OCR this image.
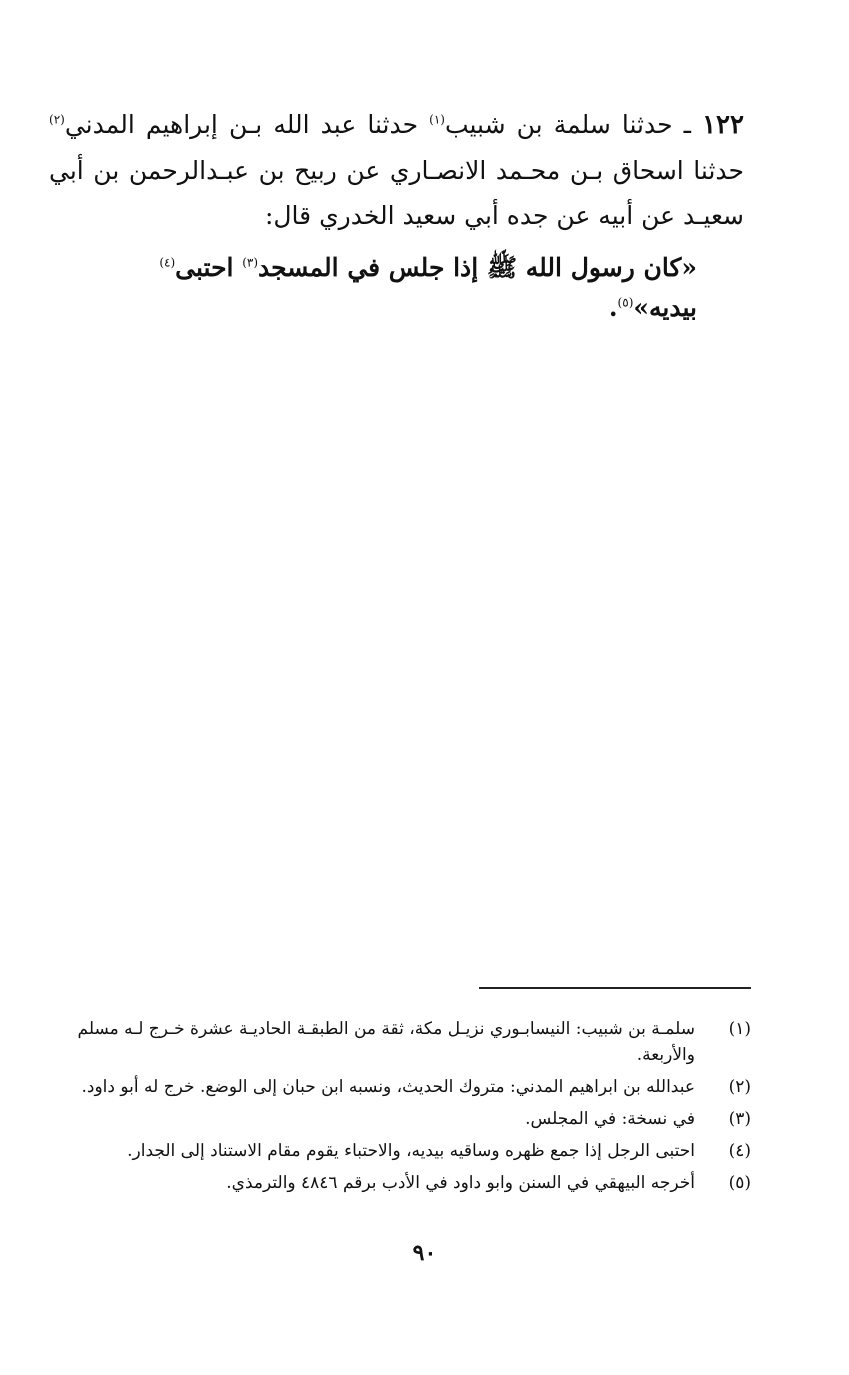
١٢٢ ـ حدثنا سلمة بن شبيب$^{(١)}$ حدثنا عبد الله بـن إبراهيم المدني$^{(٢)}$ حدثنا اسحاق بـن محـمد الانصـاري عن ربيح بن عبـدالرحمن بن أبي سعيـد عن أبيه عن جده أبي سعيد الخدري قال:

«كان رسول الله ﷺ إذا جلس في المسجد$^{(٣)}$ احتبى$^{(٤)}$ بيديه»$^{(٥)}$.

(١)
سلمـة بن شبيب: النيسابـوري نزيـل مكة، ثقة من الطبقـة الحاديـة عشرة خـرج لـه مسلم والأربعة.
(٢)
عبدالله بن ابراهيم المدني: متروك الحديث، ونسبه ابن حبان إلى الوضع. خرج له أبو داود.
(٣)
في نسخة: في المجلس.
(٤)
احتبى الرجل إذا جمع ظهره وساقيه بيديه، والاحتباء يقوم مقام الاستناد إلى الجدار.
(٥)
أخرجه البيهقي في السنن وابو داود في الأدب برقم ٤٨٤٦ والترمذي.
٩٠
